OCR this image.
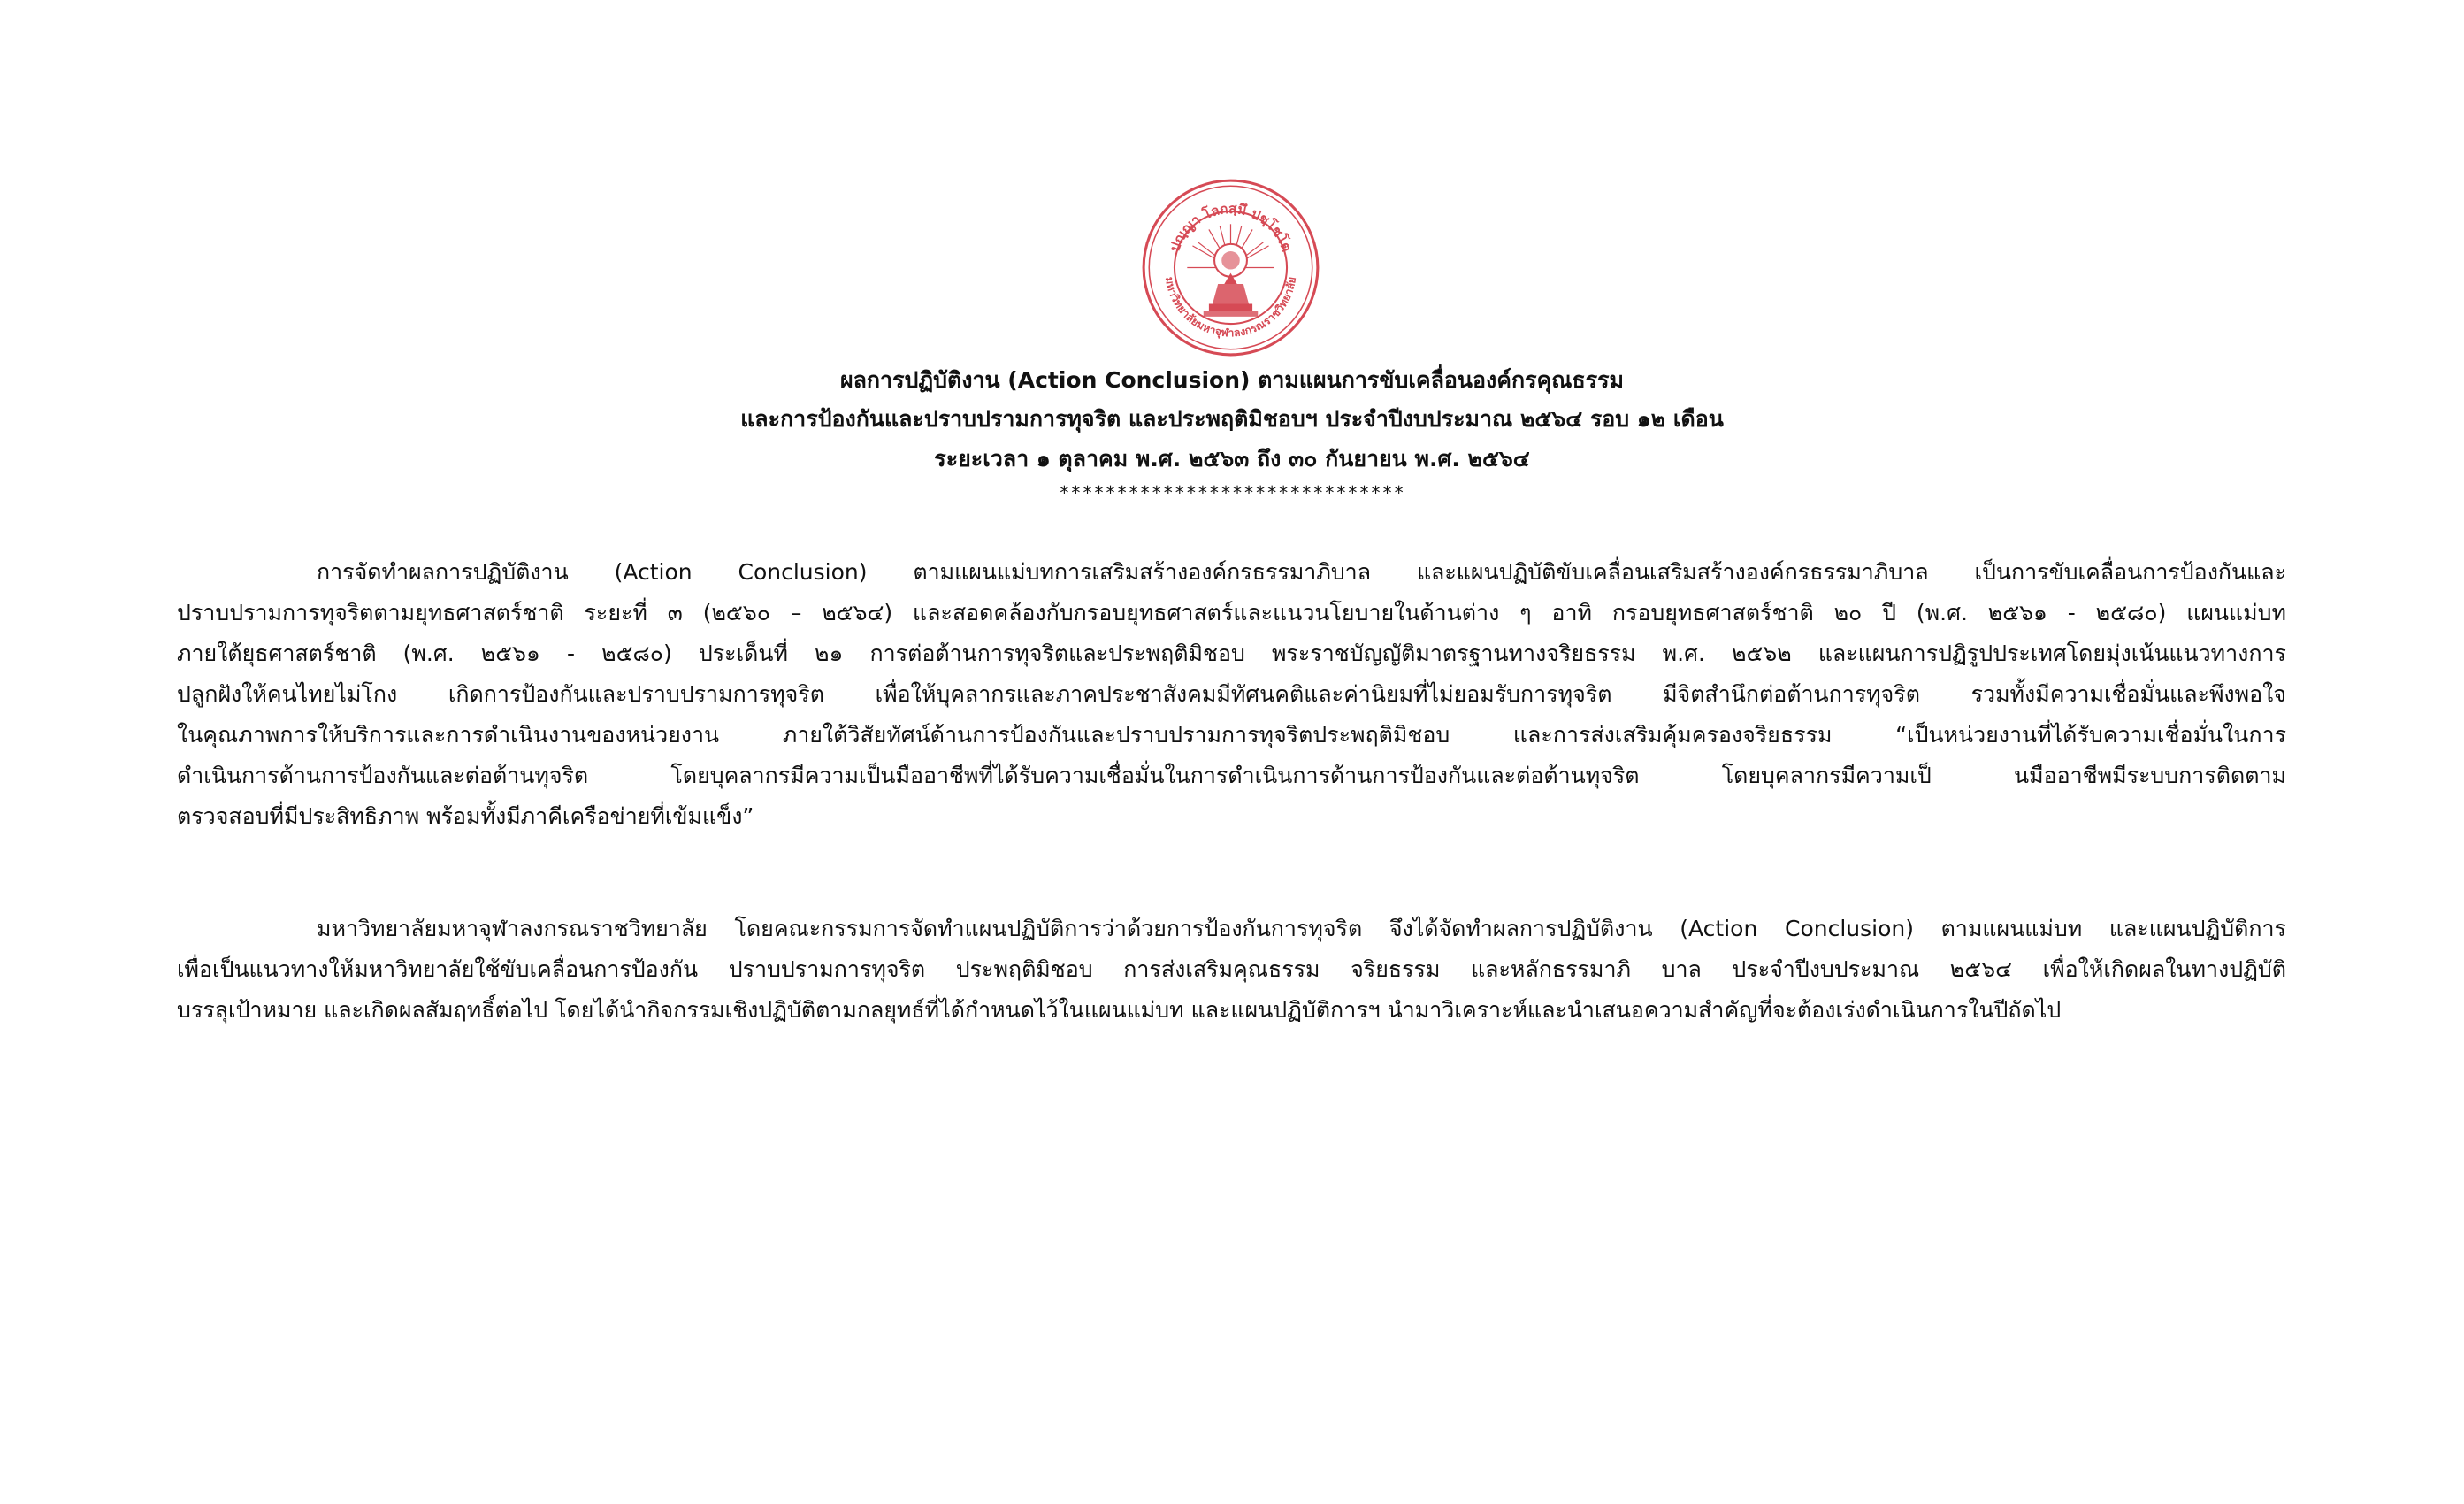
ปญฺญา โลกสฺมึ ปชฺโชโต
มหาวิทยาลัยมหาจุฬาลงกรณราชวิทยาลัย
ผลการปฏิบัติงาน (Action Conclusion) ตามแผนการขับเคลื่อนองค์กรคุณธรรม
และการป้องกันและปราบปรามการทุจริต และประพฤติมิชอบฯ ประจำปีงบประมาณ ๒๕๖๔ รอบ ๑๒ เดือน
ระยะเวลา ๑ ตุลาคม พ.ศ. ๒๕๖๓ ถึง ๓๐ กันยายน พ.ศ. ๒๕๖๔
******************************
การจัดทำผลการปฏิบัติงาน (Action Conclusion) ตามแผนแม่บทการเสริมสร้างองค์กรธรรมาภิบาล และแผนปฏิบัติขับเคลื่อนเสริมสร้างองค์กรธรรมาภิบาล เป็นการขับเคลื่อนการป้องกันและ
ปราบปรามการทุจริตตามยุทธศาสตร์ชาติ ระยะที่ ๓ (๒๕๖๐ – ๒๕๖๔) และสอดคล้องกับกรอบยุทธศาสตร์และแนวนโยบายในด้านต่าง ๆ อาทิ กรอบยุทธศาสตร์ชาติ ๒๐ ปี (พ.ศ. ๒๕๖๑ - ๒๕๘๐) แผนแม่บท
ภายใต้ยุธศาสตร์ชาติ (พ.ศ. ๒๕๖๑ - ๒๕๘๐) ประเด็นที่ ๒๑ การต่อต้านการทุจริตและประพฤติมิชอบ พระราชบัญญัติมาตรฐานทางจริยธรรม พ.ศ. ๒๕๖๒ และแผนการปฏิรูปประเทศโดยมุ่งเน้นแนวทางการ
ปลูกฝังให้คนไทยไม่โกง เกิดการป้องกันและปราบปรามการทุจริต เพื่อให้บุคลากรและภาคประชาสังคมมีทัศนคติและค่านิยมที่ไม่ยอมรับการทุจริต มีจิตสำนึกต่อต้านการทุจริต รวมทั้งมีความเชื่อมั่นและพึงพอใจ
ในคุณภาพการให้บริการและการดำเนินงานของหน่วยงาน ภายใต้วิสัยทัศน์ด้านการป้องกันและปราบปรามการทุจริตประพฤติมิชอบ และการส่งเสริมคุ้มครองจริยธรรม “เป็นหน่วยงานที่ได้รับความเชื่อมั่นในการ
ดำเนินการด้านการป้องกันและต่อต้านทุจริต โดยบุคลากรมีความเป็นมืออาชีพที่ได้รับความเชื่อมั่นในการดำเนินการด้านการป้องกันและต่อต้านทุจริต โดยบุคลากรมีความเป็ นมืออาชีพมีระบบการติดตาม
ตรวจสอบที่มีประสิทธิภาพ พร้อมทั้งมีภาคีเครือข่ายที่เข้มแข็ง”
มหาวิทยาลัยมหาจุฬาลงกรณราชวิทยาลัย โดยคณะกรรมการจัดทำแผนปฏิบัติการว่าด้วยการป้องกันการทุจริต จึงได้จัดทำผลการปฏิบัติงาน (Action Conclusion) ตามแผนแม่บท และแผนปฏิบัติการ
เพื่อเป็นแนวทางให้มหาวิทยาลัยใช้ขับเคลื่อนการป้องกัน ปราบปรามการทุจริต ประพฤติมิชอบ การส่งเสริมคุณธรรม จริยธรรม และหลักธรรมาภิ บาล ประจำปีงบประมาณ ๒๕๖๔ เพื่อให้เกิดผลในทางปฏิบัติ
บรรลุเป้าหมาย และเกิดผลสัมฤทธิ์ต่อไป โดยได้นำกิจกรรมเชิงปฏิบัติตามกลยุทธ์ที่ได้กำหนดไว้ในแผนแม่บท และแผนปฏิบัติการฯ นำมาวิเคราะห์และนำเสนอความสำคัญที่จะต้องเร่งดำเนินการในปีถัดไป
